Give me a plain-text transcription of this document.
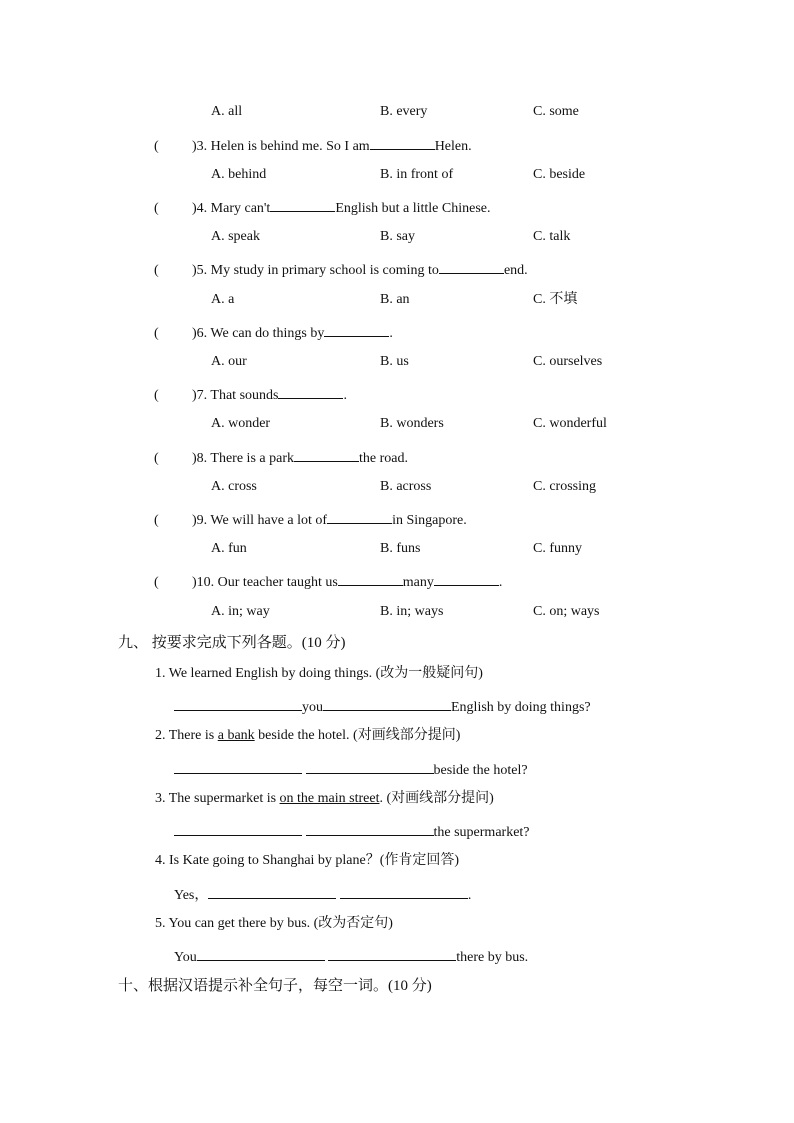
A. all	B. every	C. some
( )3. Helen is behind me. So I am	Helen.
A. behind	B. in front of	C. beside
( )4. Mary can't	English but a little Chinese.
A. speak	B. say	C. talk
( )5. My study in primary school is coming to	end.
A. a	B. an	C. 不填
( )6. We can do things by	.
A. our	B. us	C. ourselves
( )7. That sounds	.
A. wonder	B. wonders	C. wonderful
( )8. There is a park	the road.
A. cross	B. across	C. crossing
( )9. We will have a lot of	in Singapore.
A. fun	B. funs	C. funny
( )10. Our teacher taught us	many	.
A. in; way	B. in; ways	C. on; ways
九、 按要求完成下列各题。(10 分)
1. We learned English by doing things. (改为一般疑问句)
you	English by doing things?
2. There is a bank beside the hotel. (对画线部分提问)
beside the hotel?
3. The supermarket is on the main street. (对画线部分提问)
the supermarket?
4. Is Kate going to Shanghai by plane？(作肯定回答)
Yes，	.
5. You can get there by bus. (改为否定句)
You	there by bus.
十、根据汉语提示补全句子，每空一词。(10 分)
